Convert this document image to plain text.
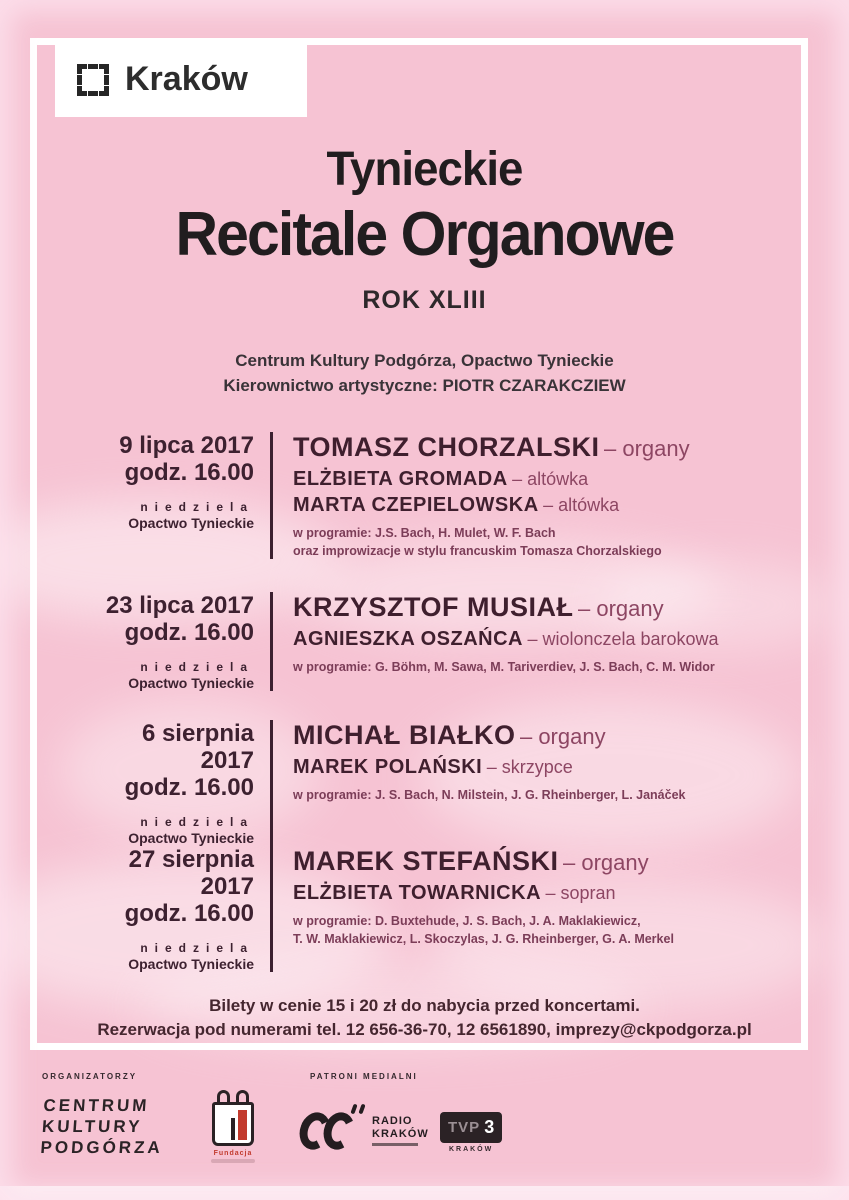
Kraków
Tynieckie
Recitale Organowe
ROK XLIII
Centrum Kultury Podgórza, Opactwo Tynieckie
Kierownictwo artystyczne: PIOTR CZARAKCZIEW
9 lipca 2017
godz. 16.00
niedziela
Opactwo Tynieckie
TOMASZ CHORZALSKI – organy
ELŻBIETA GROMADA – altówka
MARTA CZEPIELOWSKA – altówka
w programie: J.S. Bach, H. Mulet, W. F. Bach
oraz improwizacje w stylu francuskim Tomasza Chorzalskiego
23 lipca 2017
godz. 16.00
niedziela
Opactwo Tynieckie
KRZYSZTOF MUSIAŁ – organy
AGNIESZKA OSZAŃCA – wiolonczela barokowa
w programie: G. Böhm, M. Sawa, M. Tariverdiev, J. S. Bach, C. M. Widor
6 sierpnia 2017
godz. 16.00
niedziela
Opactwo Tynieckie
MICHAŁ BIAŁKO – organy
MAREK POLAŃSKI – skrzypce
w programie: J. S. Bach, N. Milstein, J. G. Rheinberger, L. Janáček
27 sierpnia 2017
godz. 16.00
niedziela
Opactwo Tynieckie
MAREK STEFAŃSKI – organy
ELŻBIETA TOWARNICKA – sopran
w programie: D. Buxtehude, J. S. Bach, J. A. Maklakiewicz,
T. W. Maklakiewicz, L. Skoczylas, J. G. Rheinberger, G. A. Merkel
Bilety w cenie 15 i 20 zł do nabycia przed koncertami.
Rezerwacja pod numerami tel. 12 656-36-70, 12 6561890, imprezy@ckpodgorza.pl
ORGANIZATORZY
CENTRUM
KULTURY
PODGÓRZA	Fundacja
PATRONI MEDIALNI
RADIO
KRAKÓW TVP 3
KRAKÓW
